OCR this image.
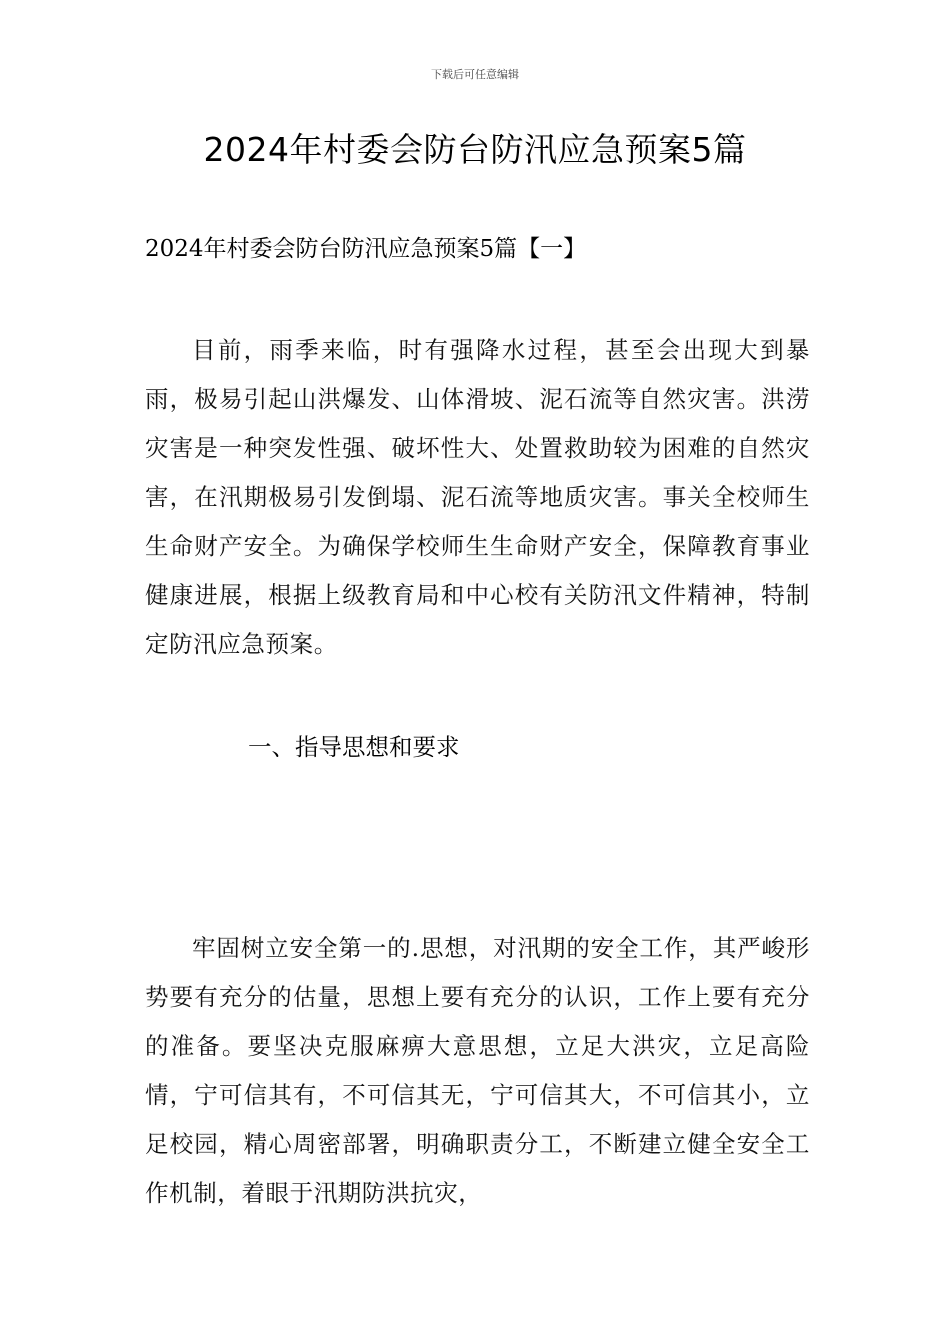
下载后可任意编辑
2024年村委会防台防汛应急预案5篇
2024年村委会防台防汛应急预案5篇【一】

目前，雨季来临，时有强降水过程，甚至会出现大到暴雨，极易引起山洪爆发、山体滑坡、泥石流等自然灾害。洪涝灾害是一种突发性强、破坏性大、处置救助较为困难的自然灾害，在汛期极易引发倒塌、泥石流等地质灾害。事关全校师生生命财产安全。为确保学校师生生命财产安全，保障教育事业健康进展，根据上级教育局和中心校有关防汛文件精神，特制定防汛应急预案。

一、指导思想和要求

牢固树立安全第一的.思想，对汛期的安全工作，其严峻形势要有充分的估量，思想上要有充分的认识，工作上要有充分的准备。要坚决克服麻痹大意思想，立足大洪灾，立足高险情，宁可信其有，不可信其无，宁可信其大，不可信其小，立足校园，精心周密部署，明确职责分工，不断建立健全安全工作机制，着眼于汛期防洪抗灾，
